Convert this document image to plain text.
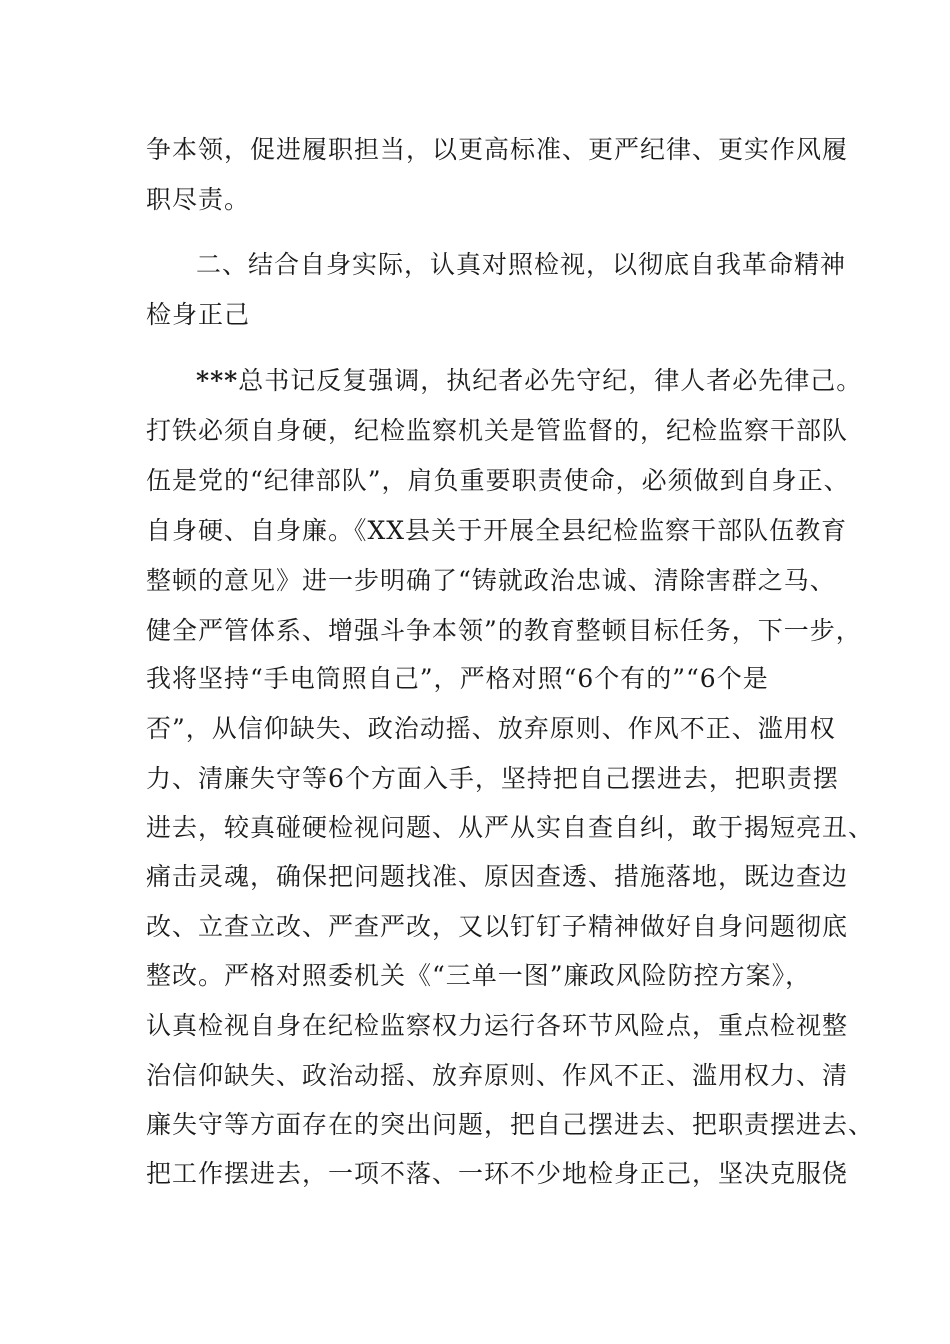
争本领，促进履职担当，以更高标准、更严纪律、更实作风履
职尽责。
二、结合自身实际，认真对照检视，以彻底自我革命精神
检身正己
***总书记反复强调，执纪者必先守纪，律人者必先律己。
打铁必须自身硬，纪检监察机关是管监督的，纪检监察干部队
伍是党的“纪律部队”，肩负重要职责使命，必须做到自身正、
自身硬、自身廉。《XX县关于开展全县纪检监察干部队伍教育
整顿的意见》进一步明确了“铸就政治忠诚、清除害群之马、
健全严管体系、增强斗争本领”的教育整顿目标任务，下一步，
我将坚持“手电筒照自己”，严格对照“6个有的”“6个是
否”，从信仰缺失、政治动摇、放弃原则、作风不正、滥用权
力、清廉失守等6个方面入手，坚持把自己摆进去，把职责摆
进去，较真碰硬检视问题、从严从实自查自纠，敢于揭短亮丑、
痛击灵魂，确保把问题找准、原因查透、措施落地，既边查边
改、立查立改、严查严改，又以钉钉子精神做好自身问题彻底
整改。严格对照委机关《“三单一图”廉政风险防控方案》，
认真检视自身在纪检监察权力运行各环节风险点，重点检视整
治信仰缺失、政治动摇、放弃原则、作风不正、滥用权力、清
廉失守等方面存在的突出问题，把自己摆进去、把职责摆进去、
把工作摆进去，一项不落、一环不少地检身正己，坚决克服侥
